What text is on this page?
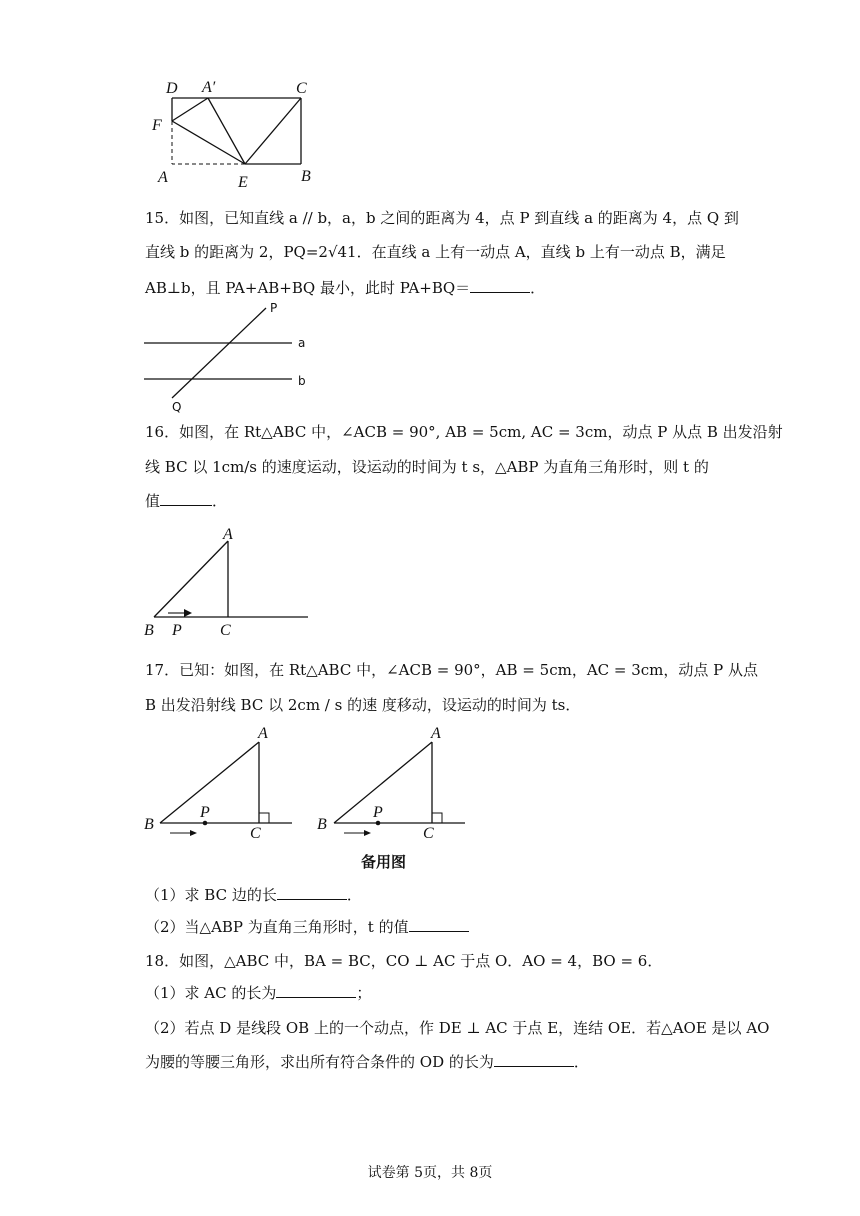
D A′	C
F
A	E	B
15．如图，已知直线 a // b，a，b 之间的距离为 4，点 P 到直线 a 的距离为 4，点 Q 到
直线 b 的距离为 2，PQ=2√41．在直线 a 上有一动点 A，直线 b 上有一动点 B，满足
AB⊥b，且 PA+AB+BQ 最小，此时 PA+BQ＝	．
P
a
b
Q
16．如图，在 Rt△ABC 中，∠ACB = 90°, AB = 5cm, AC = 3cm，动点 P 从点 B 出发沿射
线 BC 以 1cm/s 的速度运动，设运动的时间为 t s，△ABP 为直角三角形时，则 t 的
值	．
A
B P C
17．已知：如图，在 Rt△ABC 中，∠ACB = 90°，AB = 5cm，AC = 3cm，动点 P 从点
B 出发沿射线 BC 以 2cm / s 的速 度移动，设运动的时间为 ts．
A
B
P
C
A
B
P
C
备用图
（1）求 BC 边的长	．
（2）当△ABP 为直角三角形时，t 的值
18．如图，△ABC 中，BA = BC，CO ⊥ AC 于点 O．AO = 4，BO = 6．
（1）求 AC 的长为	；
（2）若点 D 是线段 OB 上的一个动点，作 DE ⊥ AC 于点 E，连结 OE．若△AOE 是以 AO
为腰的等腰三角形，求出所有符合条件的 OD 的长为	．
试卷第 5页，共 8页
